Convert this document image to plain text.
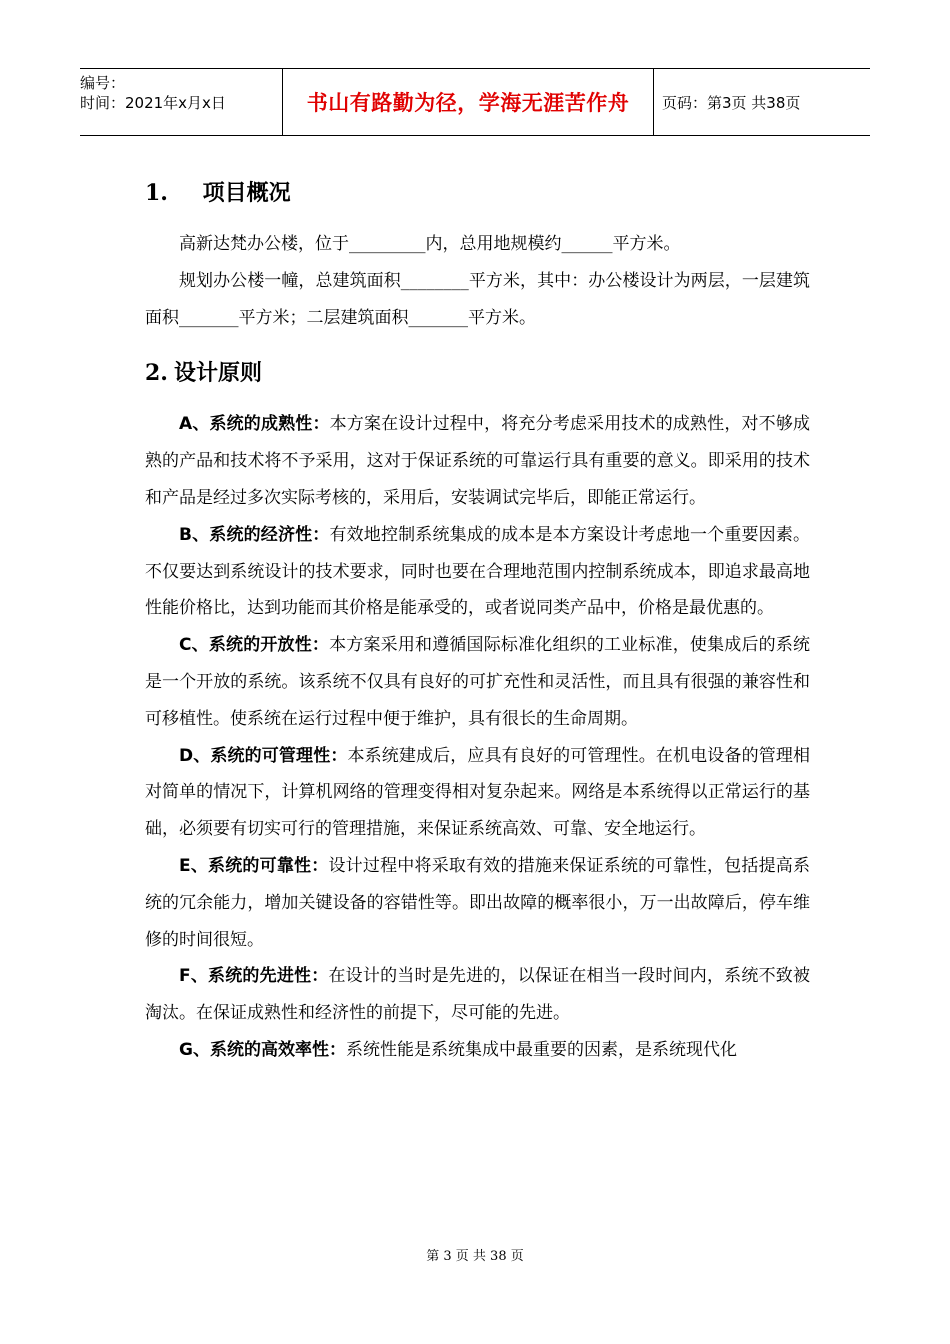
编号：
时间：2021年x月x日	书山有路勤为径，学海无涯苦作舟	页码：第3页 共38页
1. 项目概况

高新达梵办公楼，位于_________内，总用地规模约______平方米。

规划办公楼一幢，总建筑面积________平方米，其中：办公楼设计为两层，一层建筑面积_______平方米；二层建筑面积_______平方米。

2. 设计原则

A、系统的成熟性：本方案在设计过程中，将充分考虑采用技术的成熟性，对不够成熟的产品和技术将不予采用，这对于保证系统的可靠运行具有重要的意义。即采用的技术和产品是经过多次实际考核的，采用后，安装调试完毕后，即能正常运行。

B、系统的经济性：有效地控制系统集成的成本是本方案设计考虑地一个重要因素。不仅要达到系统设计的技术要求，同时也要在合理地范围内控制系统成本，即追求最高地性能价格比，达到功能而其价格是能承受的，或者说同类产品中，价格是最优惠的。

C、系统的开放性：本方案采用和遵循国际标准化组织的工业标准，使集成后的系统是一个开放的系统。该系统不仅具有良好的可扩充性和灵活性，而且具有很强的兼容性和可移植性。使系统在运行过程中便于维护，具有很长的生命周期。

D、系统的可管理性：本系统建成后，应具有良好的可管理性。在机电设备的管理相对简单的情况下，计算机网络的管理变得相对复杂起来。网络是本系统得以正常运行的基础，必须要有切实可行的管理措施，来保证系统高效、可靠、安全地运行。

E、系统的可靠性：设计过程中将采取有效的措施来保证系统的可靠性，包括提高系统的冗余能力，增加关键设备的容错性等。即出故障的概率很小，万一出故障后，停车维修的时间很短。

F、系统的先进性：在设计的当时是先进的，以保证在相当一段时间内，系统不致被淘汰。在保证成熟性和经济性的前提下，尽可能的先进。

G、系统的高效率性：系统性能是系统集成中最重要的因素，是系统现代化

第 3 页 共 38 页
